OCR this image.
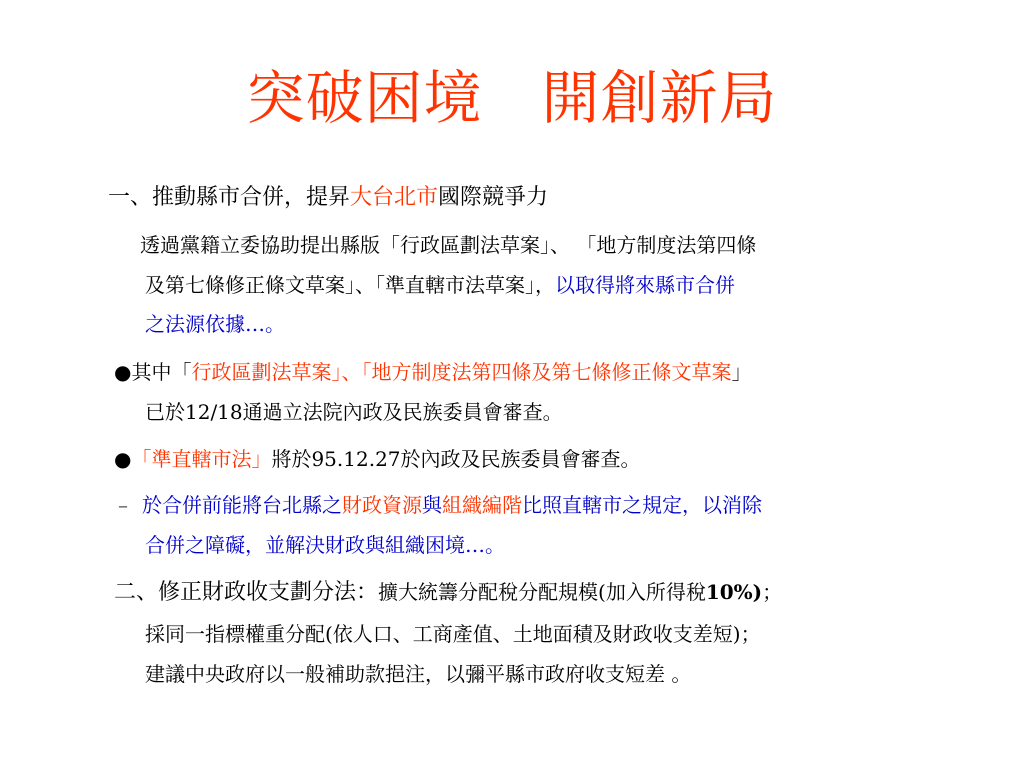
突破困境　開創新局
一、推動縣市合併，提昇大台北市國際競爭力
透過黨籍立委協助提出縣版「行政區劃法草案」、 「地方制度法第四條
及第七條修正條文草案」、「準直轄市法草案」，以取得將來縣市合併
之法源依據…。
●其中「行政區劃法草案」、「地方制度法第四條及第七條修正條文草案」
已於12/18通過立法院內政及民族委員會審查。
●「準直轄市法」將於95.12.27於內政及民族委員會審查。
– 於合併前能將台北縣之財政資源與組織編階比照直轄市之規定，以消除
合併之障礙，並解決財政與組織困境…。
二、修正財政收支劃分法：擴大統籌分配稅分配規模(加入所得稅10%)；
採同一指標權重分配(依人口、工商產值、土地面積及財政收支差短)；
建議中央政府以一般補助款挹注，以彌平縣市政府收支短差 。
